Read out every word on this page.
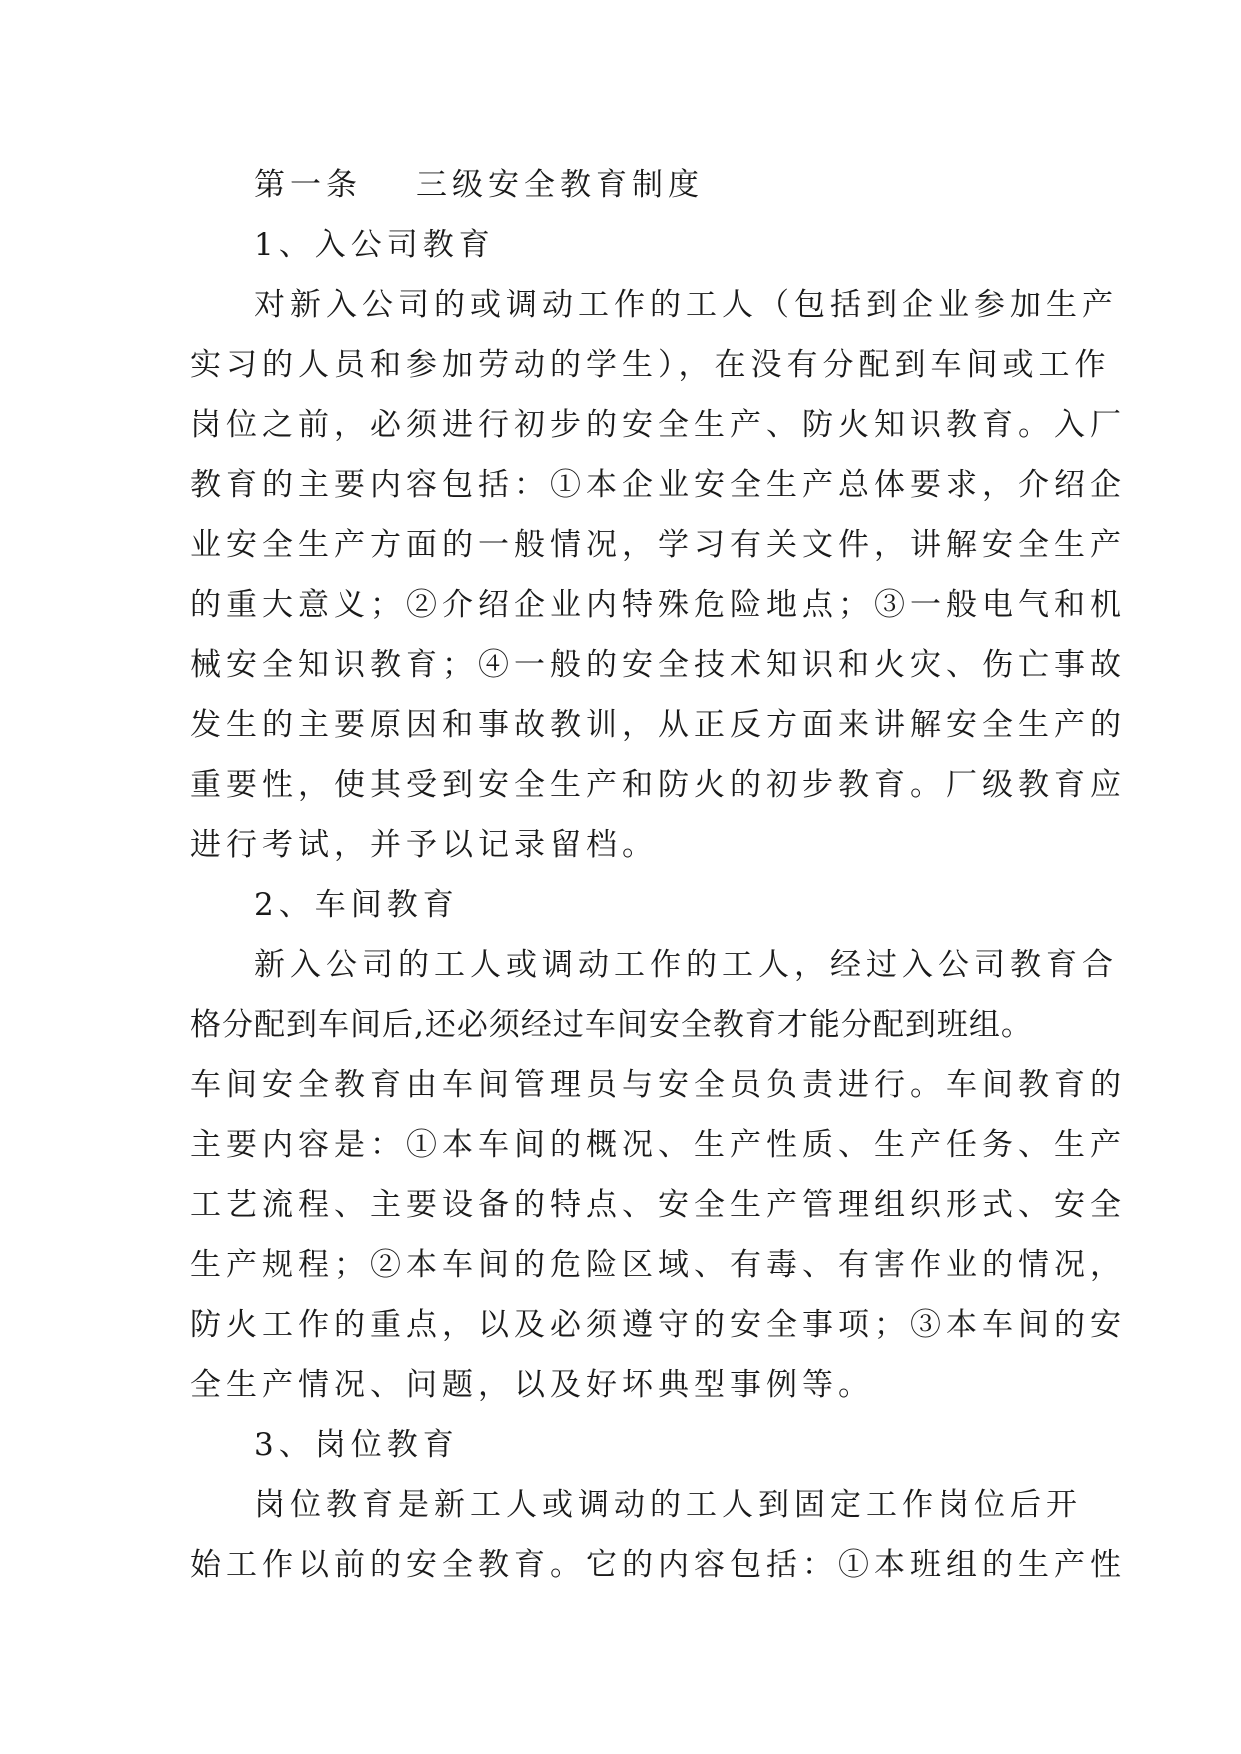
第一条 三级安全教育制度
1、入公司教育
对新入公司的或调动工作的工人（包括到企业参加生产
实习的人员和参加劳动的学生），在没有分配到车间或工作
岗位之前，必须进行初步的安全生产、防火知识教育。入厂
教育的主要内容包括：①本企业安全生产总体要求，介绍企
业安全生产方面的一般情况，学习有关文件，讲解安全生产
的重大意义；②介绍企业内特殊危险地点；③一般电气和机
械安全知识教育；④一般的安全技术知识和火灾、伤亡事故
发生的主要原因和事故教训，从正反方面来讲解安全生产的
重要性，使其受到安全生产和防火的初步教育。厂级教育应
进行考试，并予以记录留档。
2、车间教育
新入公司的工人或调动工作的工人，经过入公司教育合
格分配到车间后,还必须经过车间安全教育才能分配到班组。
车间安全教育由车间管理员与安全员负责进行。车间教育的
主要内容是：①本车间的概况、生产性质、生产任务、生产
工艺流程、主要设备的特点、安全生产管理组织形式、安全
生产规程；②本车间的危险区域、有毒、有害作业的情况，
防火工作的重点，以及必须遵守的安全事项；③本车间的安
全生产情况、问题，以及好坏典型事例等。
3、岗位教育
岗位教育是新工人或调动的工人到固定工作岗位后开
始工作以前的安全教育。它的内容包括：①本班组的生产性
